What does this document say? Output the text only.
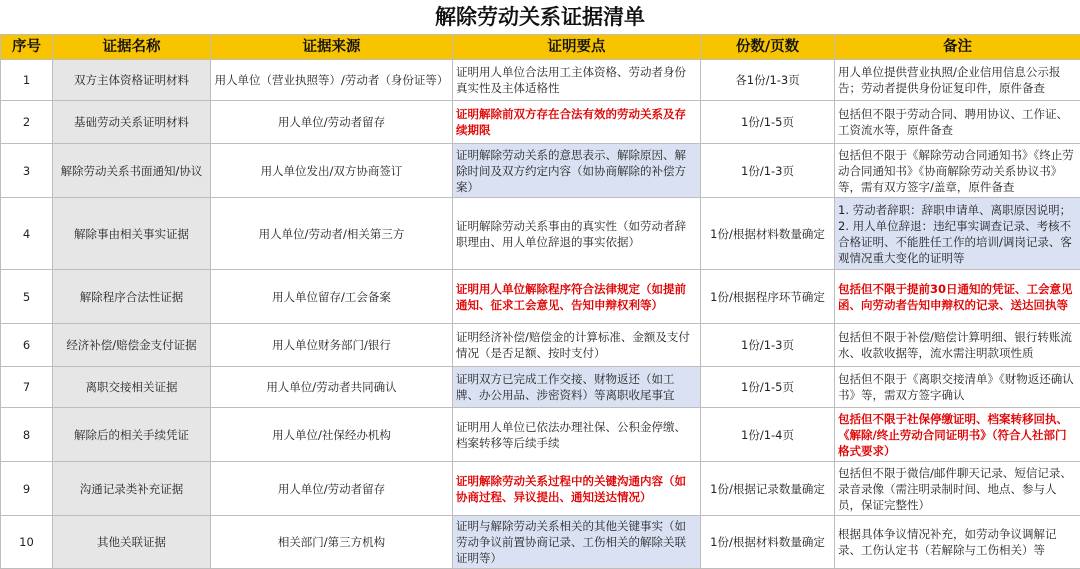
解除劳动关系证据清单
序号	证据名称	证据来源	证明要点	份数/页数	备注
1	双方主体资格证明材料	用人单位（营业执照等）/劳动者（身份证等）	证明用人单位合法用工主体资格、劳动者身份真实性及主体适格性	各1份/1-3页	用人单位提供营业执照/企业信用信息公示报告；劳动者提供身份证复印件，原件备查
2	基础劳动关系证明材料	用人单位/劳动者留存	证明解除前双方存在合法有效的劳动关系及存续期限	1份/1-5页	包括但不限于劳动合同、聘用协议、工作证、工资流水等，原件备查
3	解除劳动关系书面通知/协议	用人单位发出/双方协商签订	证明解除劳动关系的意思表示、解除原因、解除时间及双方约定内容（如协商解除的补偿方案）	1份/1-3页	包括但不限于《解除劳动合同通知书》《终止劳动合同通知书》《协商解除劳动关系协议书》等，需有双方签字/盖章，原件备查
4	解除事由相关事实证据	用人单位/劳动者/相关第三方	证明解除劳动关系事由的真实性（如劳动者辞职理由、用人单位辞退的事实依据）	1份/根据材料数量确定	1. 劳动者辞职：辞职申请单、离职原因说明；2. 用人单位辞退：违纪事实调查记录、考核不合格证明、不能胜任工作的培训/调岗记录、客观情况重大变化的证明等
5	解除程序合法性证据	用人单位留存/工会备案	证明用人单位解除程序符合法律规定（如提前通知、征求工会意见、告知申辩权利等）	1份/根据程序环节确定	包括但不限于提前30日通知的凭证、工会意见函、向劳动者告知申辩权的记录、送达回执等
6	经济补偿/赔偿金支付证据	用人单位财务部门/银行	证明经济补偿/赔偿金的计算标准、金额及支付情况（是否足额、按时支付）	1份/1-3页	包括但不限于补偿/赔偿计算明细、银行转账流水、收款收据等，流水需注明款项性质
7	离职交接相关证据	用人单位/劳动者共同确认	证明双方已完成工作交接、财物返还（如工牌、办公用品、涉密资料）等离职收尾事宜	1份/1-5页	包括但不限于《离职交接清单》《财物返还确认书》等，需双方签字确认
8	解除后的相关手续凭证	用人单位/社保经办机构	证明用人单位已依法办理社保、公积金停缴、档案转移等后续手续	1份/1-4页	包括但不限于社保停缴证明、档案转移回执、《解除/终止劳动合同证明书》（符合人社部门格式要求）
9	沟通记录类补充证据	用人单位/劳动者留存	证明解除劳动关系过程中的关键沟通内容（如协商过程、异议提出、通知送达情况）	1份/根据记录数量确定	包括但不限于微信/邮件聊天记录、短信记录、录音录像（需注明录制时间、地点、参与人员，保证完整性）
10	其他关联证据	相关部门/第三方机构	证明与解除劳动关系相关的其他关键事实（如劳动争议前置协商记录、工伤相关的解除关联证明等）	1份/根据材料数量确定	根据具体争议情况补充，如劳动争议调解记录、工伤认定书（若解除与工伤相关）等
